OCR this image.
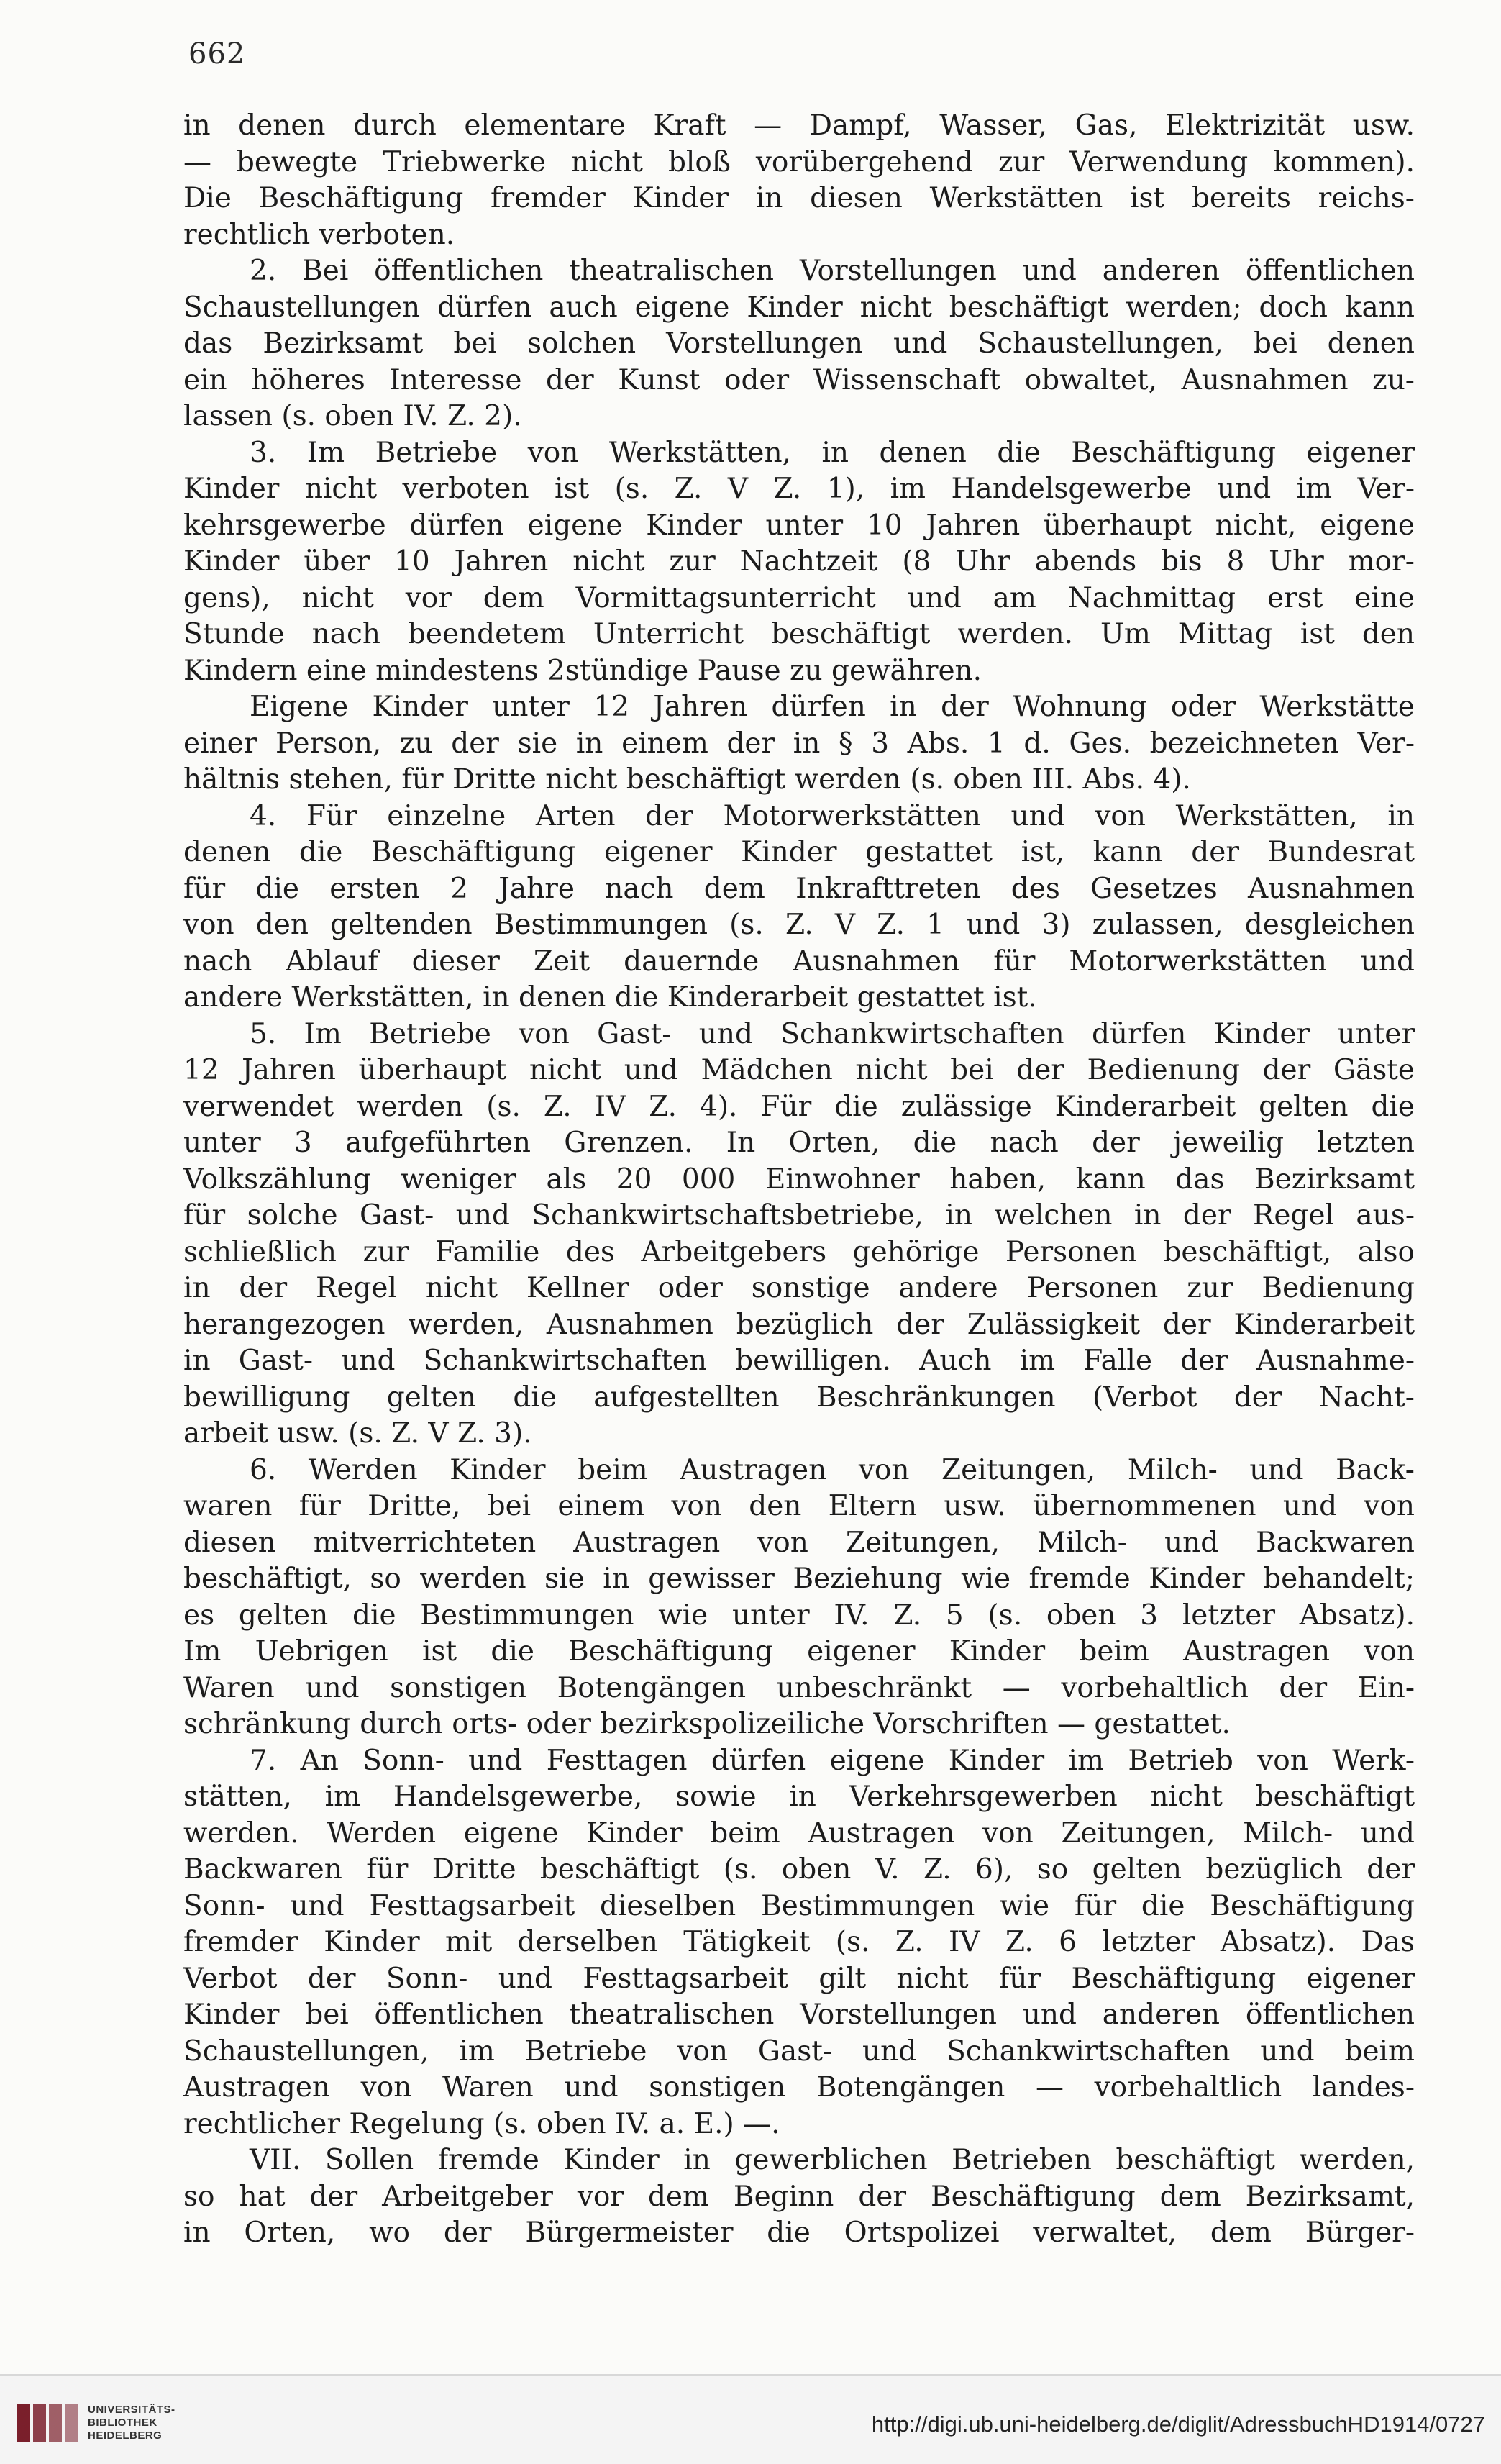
662
in denen durch elementare Kraft — Dampf, Wasser, Gas, Elektrizität usw.
— bewegte Triebwerke nicht bloß vorübergehend zur Verwendung kommen).
Die Beschäftigung fremder Kinder in diesen Werkstätten ist bereits reichs-
rechtlich verboten.
2. Bei öffentlichen theatralischen Vorstellungen und anderen öffentlichen
Schaustellungen dürfen auch eigene Kinder nicht beschäftigt werden; doch kann
das Bezirksamt bei solchen Vorstellungen und Schaustellungen, bei denen
ein höheres Interesse der Kunst oder Wissenschaft obwaltet, Ausnahmen zu-
lassen (s. oben IV. Z. 2).
3. Im Betriebe von Werkstätten, in denen die Beschäftigung eigener
Kinder nicht verboten ist (s. Z. V Z. 1), im Handelsgewerbe und im Ver-
kehrsgewerbe dürfen eigene Kinder unter 10 Jahren überhaupt nicht, eigene
Kinder über 10 Jahren nicht zur Nachtzeit (8 Uhr abends bis 8 Uhr mor-
gens), nicht vor dem Vormittagsunterricht und am Nachmittag erst eine
Stunde nach beendetem Unterricht beschäftigt werden. Um Mittag ist den
Kindern eine mindestens 2stündige Pause zu gewähren.
Eigene Kinder unter 12 Jahren dürfen in der Wohnung oder Werkstätte
einer Person, zu der sie in einem der in § 3 Abs. 1 d. Ges. bezeichneten Ver-
hältnis stehen, für Dritte nicht beschäftigt werden (s. oben III. Abs. 4).
4. Für einzelne Arten der Motorwerkstätten und von Werkstätten, in
denen die Beschäftigung eigener Kinder gestattet ist, kann der Bundesrat
für die ersten 2 Jahre nach dem Inkrafttreten des Gesetzes Ausnahmen
von den geltenden Bestimmungen (s. Z. V Z. 1 und 3) zulassen, desgleichen
nach Ablauf dieser Zeit dauernde Ausnahmen für Motorwerkstätten und
andere Werkstätten, in denen die Kinderarbeit gestattet ist.
5. Im Betriebe von Gast- und Schankwirtschaften dürfen Kinder unter
12 Jahren überhaupt nicht und Mädchen nicht bei der Bedienung der Gäste
verwendet werden (s. Z. IV Z. 4). Für die zulässige Kinderarbeit gelten die
unter 3 aufgeführten Grenzen. In Orten, die nach der jeweilig letzten
Volkszählung weniger als 20 000 Einwohner haben, kann das Bezirksamt
für solche Gast- und Schankwirtschaftsbetriebe, in welchen in der Regel aus-
schließlich zur Familie des Arbeitgebers gehörige Personen beschäftigt, also
in der Regel nicht Kellner oder sonstige andere Personen zur Bedienung
herangezogen werden, Ausnahmen bezüglich der Zulässigkeit der Kinderarbeit
in Gast- und Schankwirtschaften bewilligen. Auch im Falle der Ausnahme-
bewilligung gelten die aufgestellten Beschränkungen (Verbot der Nacht-
arbeit usw. (s. Z. V Z. 3).
6. Werden Kinder beim Austragen von Zeitungen, Milch- und Back-
waren für Dritte, bei einem von den Eltern usw. übernommenen und von
diesen mitverrichteten Austragen von Zeitungen, Milch- und Backwaren
beschäftigt, so werden sie in gewisser Beziehung wie fremde Kinder behandelt;
es gelten die Bestimmungen wie unter IV. Z. 5 (s. oben 3 letzter Absatz).
Im Uebrigen ist die Beschäftigung eigener Kinder beim Austragen von
Waren und sonstigen Botengängen unbeschränkt — vorbehaltlich der Ein-
schränkung durch orts- oder bezirkspolizeiliche Vorschriften — gestattet.
7. An Sonn- und Festtagen dürfen eigene Kinder im Betrieb von Werk-
stätten, im Handelsgewerbe, sowie in Verkehrsgewerben nicht beschäftigt
werden. Werden eigene Kinder beim Austragen von Zeitungen, Milch- und
Backwaren für Dritte beschäftigt (s. oben V. Z. 6), so gelten bezüglich der
Sonn- und Festtagsarbeit dieselben Bestimmungen wie für die Beschäftigung
fremder Kinder mit derselben Tätigkeit (s. Z. IV Z. 6 letzter Absatz). Das
Verbot der Sonn- und Festtagsarbeit gilt nicht für Beschäftigung eigener
Kinder bei öffentlichen theatralischen Vorstellungen und anderen öffentlichen
Schaustellungen, im Betriebe von Gast- und Schankwirtschaften und beim
Austragen von Waren und sonstigen Botengängen — vorbehaltlich landes-
rechtlicher Regelung (s. oben IV. a. E.) —.
VII. Sollen fremde Kinder in gewerblichen Betrieben beschäftigt werden,
so hat der Arbeitgeber vor dem Beginn der Beschäftigung dem Bezirksamt,
in Orten, wo der Bürgermeister die Ortspolizei verwaltet, dem Bürger-
UNIVERSITÄTS-
BIBLIOTHEK
HEIDELBERG	http://digi.ub.uni-heidelberg.de/diglit/AdressbuchHD1914/0727
